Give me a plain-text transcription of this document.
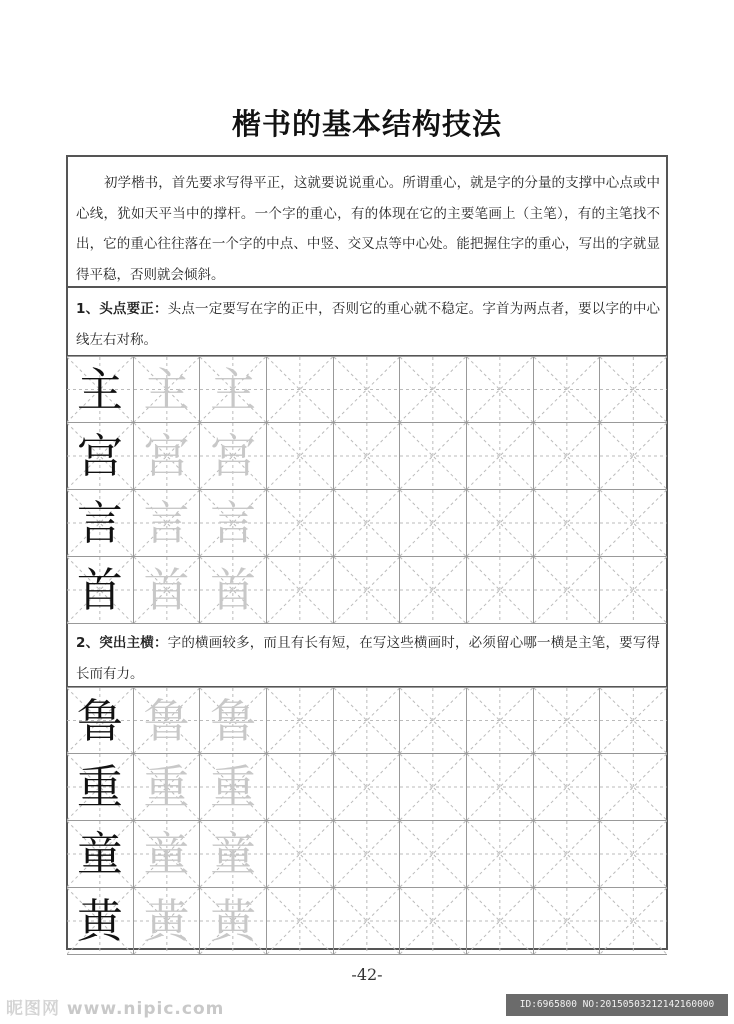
楷书的基本结构技法
初学楷书，首先要求写得平正，这就要说说重心。所谓重心，就是字的分量的支撑中心点或中心线，犹如天平当中的撑杆。一个字的重心，有的体现在它的主要笔画上（主笔），有的主笔找不出，它的重心往往落在一个字的中点、中竖、交叉点等中心处。能把握住字的重心，写出的字就显得平稳，否则就会倾斜。
1、头点要正：头点一定要写在字的正中，否则它的重心就不稳定。字首为两点者，要以字的中心线左右对称。
主 主 主
宫 宫 宫
言 言 言
首 首 首
2、突出主横：字的横画较多，而且有长有短，在写这些横画时，必须留心哪一横是主笔，要写得长而有力。
鲁 鲁 鲁
重 重 重
童 童 童
黄 黄 黄
-42-
昵图网 www.nipic.com	ID:6965800 NO:20150503212142160000
